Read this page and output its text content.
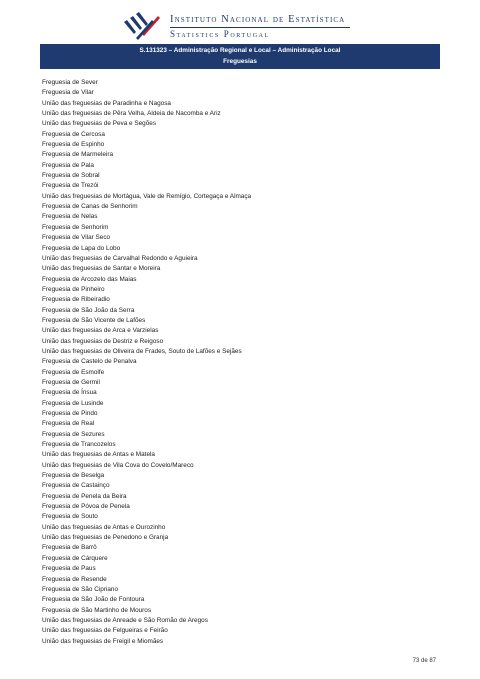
Instituto Nacional de Estatística
Statistics Portugal
S.131323 – Administração Regional e Local – Administração Local
Freguesias
Freguesia de Sever
Freguesia de Vilar
União das freguesias de Paradinha e Nagosa
União das freguesias de Pêra Velha, Aldeia de Nacomba e Ariz
União das freguesias de Peva e Segões
Freguesia de Cercosa
Freguesia de Espinho
Freguesia de Marmeleira
Freguesia de Pala
Freguesia de Sobral
Freguesia de Trezói
União das freguesias de Mortágua, Vale de Remígio, Cortegaça e Almaça
Freguesia de Canas de Senhorim
Freguesia de Nelas
Freguesia de Senhorim
Freguesia de Vilar Seco
Freguesia de Lapa do Lobo
União das freguesias de Carvalhal Redondo e Aguieira
União das freguesias de Santar e Moreira
Freguesia de Arcozelo das Maias
Freguesia de Pinheiro
Freguesia de Ribeiradio
Freguesia de São João da Serra
Freguesia de São Vicente de Lafões
União das freguesias de Arca e Varzielas
União das freguesias de Destriz e Reigoso
União das freguesias de Oliveira de Frades, Souto de Lafões e Sejães
Freguesia de Castelo de Penalva
Freguesia de Esmolfe
Freguesia de Germil
Freguesia de Ínsua
Freguesia de Lusinde
Freguesia de Pindo
Freguesia de Real
Freguesia de Sezures
Freguesia de Trancozelos
União das freguesias de Antas e Matela
União das freguesias de Vila Cova do Covelo/Mareco
Freguesia de Beselga
Freguesia de Castainço
Freguesia de Penela da Beira
Freguesia de Póvoa de Penela
Freguesia de Souto
União das freguesias de Antas e Ourozinho
União das freguesias de Penedono e Granja
Freguesia de Barrô
Freguesia de Cárquere
Freguesia de Paus
Freguesia de Resende
Freguesia de São Cipriano
Freguesia de São João de Fontoura
Freguesia de São Martinho de Mouros
União das freguesias de Anreade e São Romão de Aregos
União das freguesias de Felgueiras e Feirão
União das freguesias de Freigil e Miomães
73 de 87
